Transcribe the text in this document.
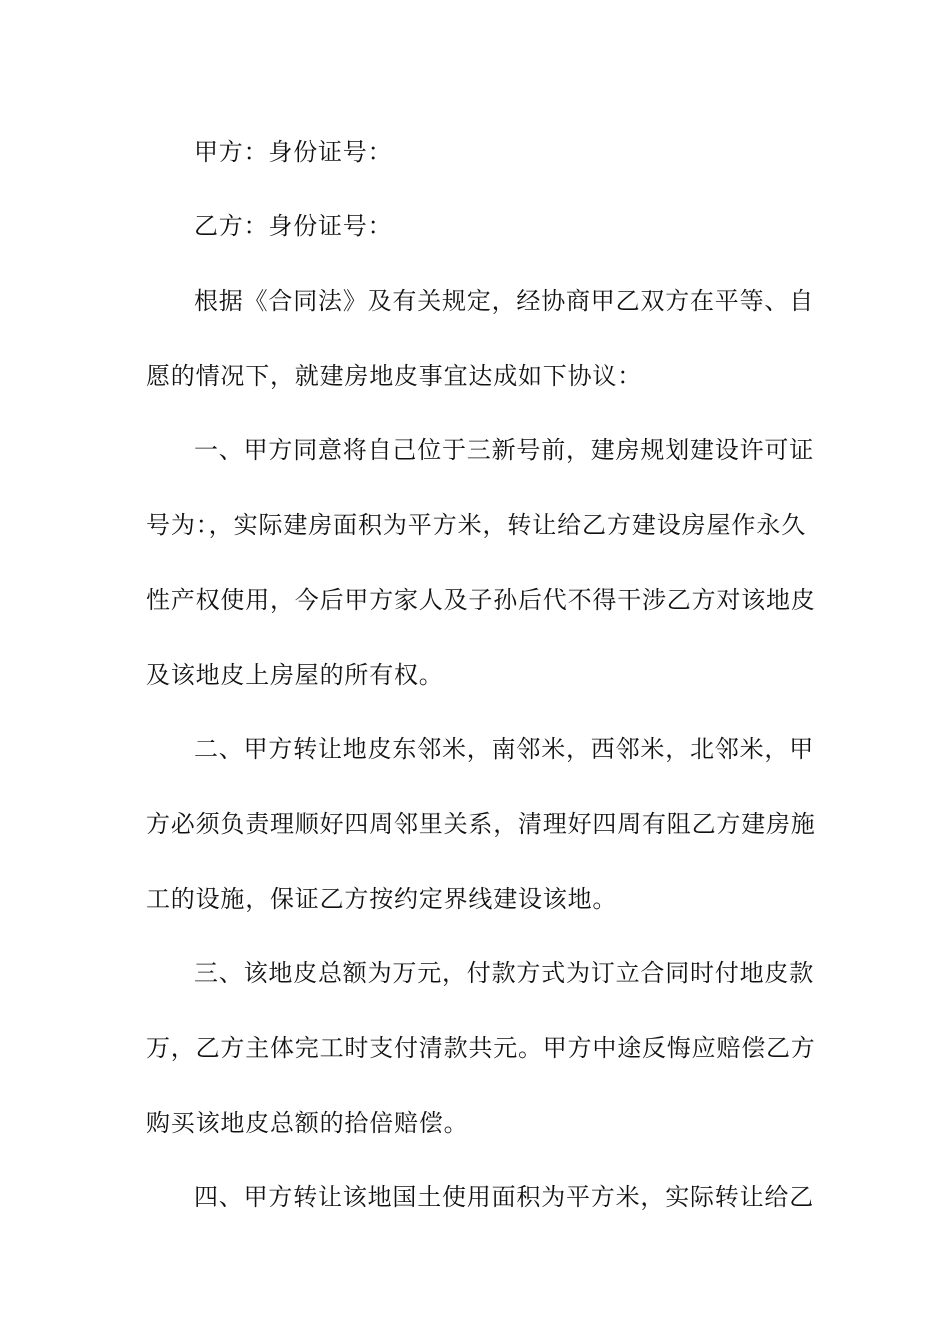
甲方：身份证号：
乙方：身份证号：
根据《合同法》及有关规定，经协商甲乙双方在平等、自
愿的情况下，就建房地皮事宜达成如下协议：
一、甲方同意将自己位于三新号前，建房规划建设许可证
号为：，实际建房面积为平方米，转让给乙方建设房屋作永久
性产权使用，今后甲方家人及子孙后代不得干涉乙方对该地皮
及该地皮上房屋的所有权。
二、甲方转让地皮东邻米，南邻米，西邻米，北邻米，甲
方必须负责理顺好四周邻里关系，清理好四周有阻乙方建房施
工的设施，保证乙方按约定界线建设该地。
三、该地皮总额为万元，付款方式为订立合同时付地皮款
万，乙方主体完工时支付清款共元。甲方中途反悔应赔偿乙方
购买该地皮总额的拾倍赔偿。
四、甲方转让该地国土使用面积为平方米，实际转让给乙
